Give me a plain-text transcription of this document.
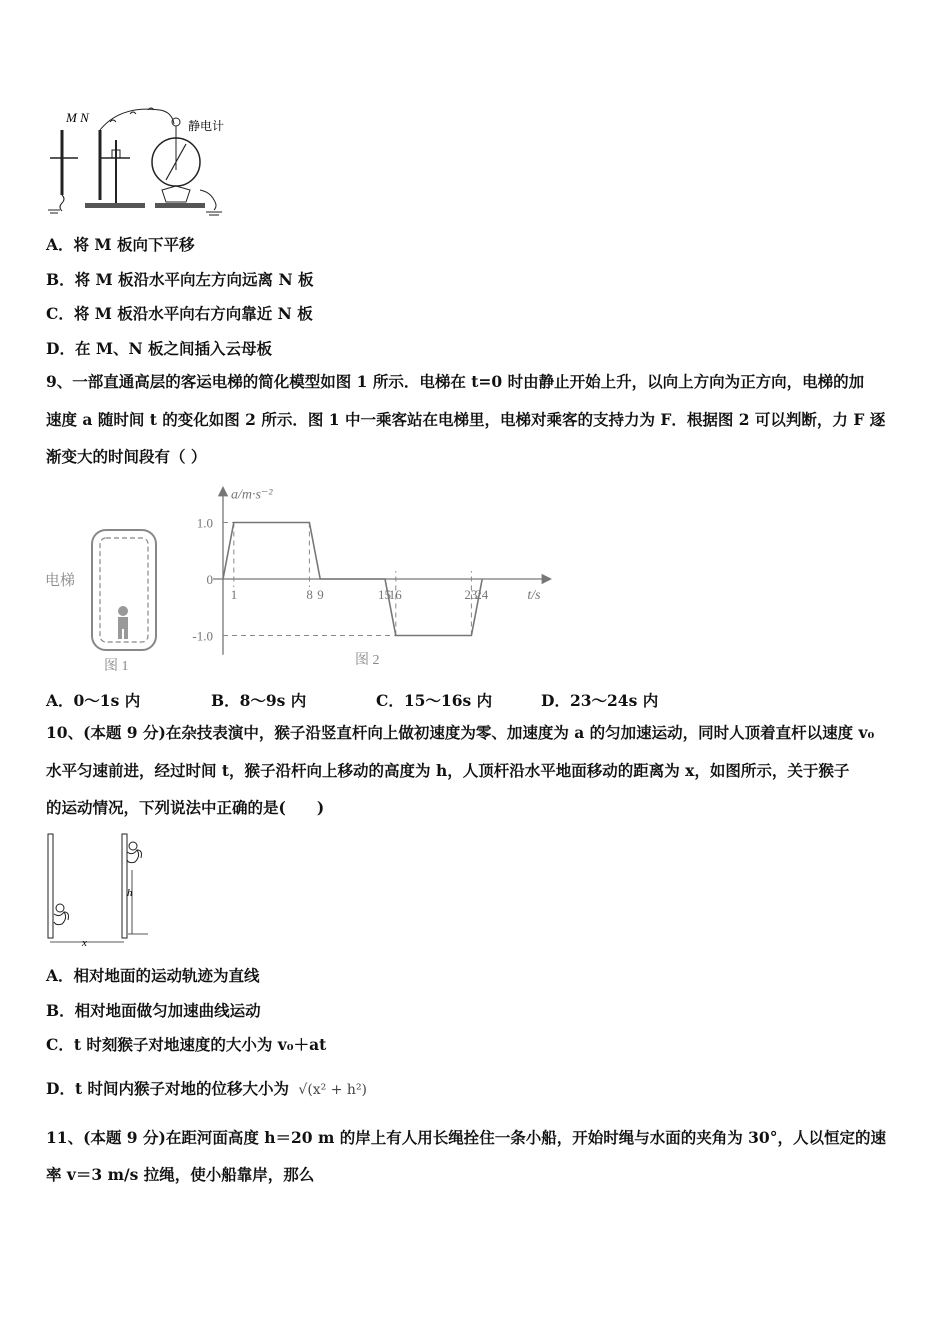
M N
静电计
A．将 M 板向下平移
B．将 M 板沿水平向左方向远离 N 板
C．将 M 板沿水平向右方向靠近 N 板
D．在 M、N 板之间插入云母板
9、一部直通高层的客运电梯的简化模型如图 1 所示．电梯在 t=0 时由静止开始上升，以向上方向为正方向，电梯的加
速度 a 随时间 t 的变化如图 2 所示．图 1 中一乘客站在电梯里，电梯对乘客的支持力为 F．根据图 2 可以判断，力 F 逐
渐变大的时间段有（ ）
电梯
图 1
1	8 9	15
16	23
24
1.0
0
-1.0
a/m·s⁻²
t/s
图 2
A．0～1s 内	B．8～9s 内	C．15～16s 内	D．23～24s 内
10、(本题 9 分)在杂技表演中，猴子沿竖直杆向上做初速度为零、加速度为 a 的匀加速运动，同时人顶着直杆以速度 v₀
水平匀速前进，经过时间 t，猴子沿杆向上移动的高度为 h，人顶杆沿水平地面移动的距离为 x，如图所示，关于猴子
的运动情况，下列说法中正确的是(　　)
h
x
A．相对地面的运动轨迹为直线
B．相对地面做匀加速曲线运动
C．t 时刻猴子对地速度的大小为 v₀＋at
D．t 时间内猴子对地的位移大小为 √(x² + h²)
11、(本题 9 分)在距河面高度 h＝20 m 的岸上有人用长绳拴住一条小船，开始时绳与水面的夹角为 30°，人以恒定的速
率 v＝3 m/s 拉绳，使小船靠岸，那么
